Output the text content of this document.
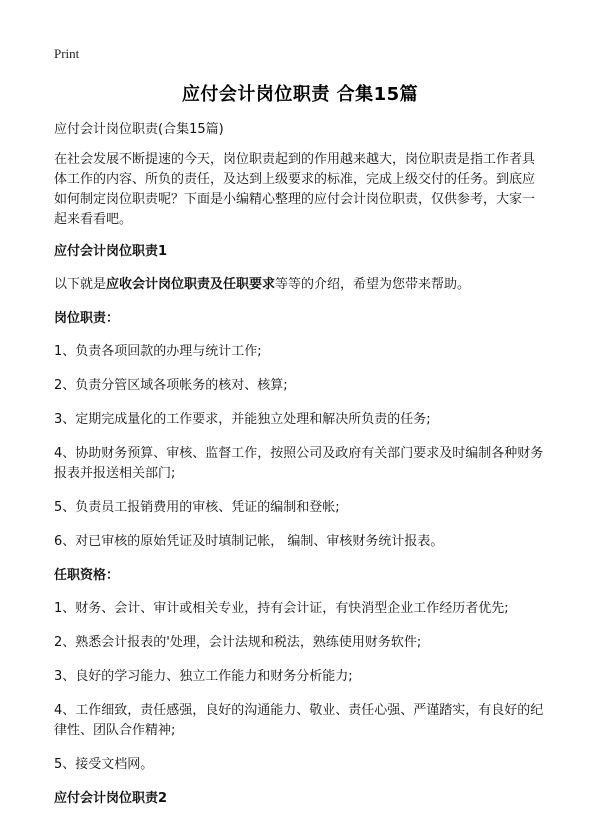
Print
应付会计岗位职责 合集15篇

应付会计岗位职责(合集15篇)

在社会发展不断提速的今天，岗位职责起到的作用越来越大，岗位职责是指工作者具体工作的内容、所负的责任，及达到上级要求的标准，完成上级交付的任务。到底应如何制定岗位职责呢？下面是小编精心整理的应付会计岗位职责，仅供参考，大家一起来看看吧。

应付会计岗位职责1

以下就是应收会计岗位职责及任职要求等等的介绍，希望为您带来帮助。

岗位职责：

1、负责各项回款的办理与统计工作;

2、负责分管区域各项帐务的核对、核算;

3、定期完成量化的工作要求，并能独立处理和解决所负责的任务;

4、协助财务预算、审核、监督工作，按照公司及政府有关部门要求及时编制各种财务报表并报送相关部门;

5、负责员工报销费用的审核、凭证的编制和登帐;

6、对已审核的原始凭证及时填制记帐， 编制、审核财务统计报表。

任职资格：

1、财务、会计、审计或相关专业，持有会计证，有快消型企业工作经历者优先;

2、熟悉会计报表的'处理，会计法规和税法，熟练使用财务软件;

3、良好的学习能力、独立工作能力和财务分析能力;

4、工作细致，责任感强，良好的沟通能力、敬业、责任心强、严谨踏实，有良好的纪律性、团队合作精神;

5、接受文档网。

应付会计岗位职责2
